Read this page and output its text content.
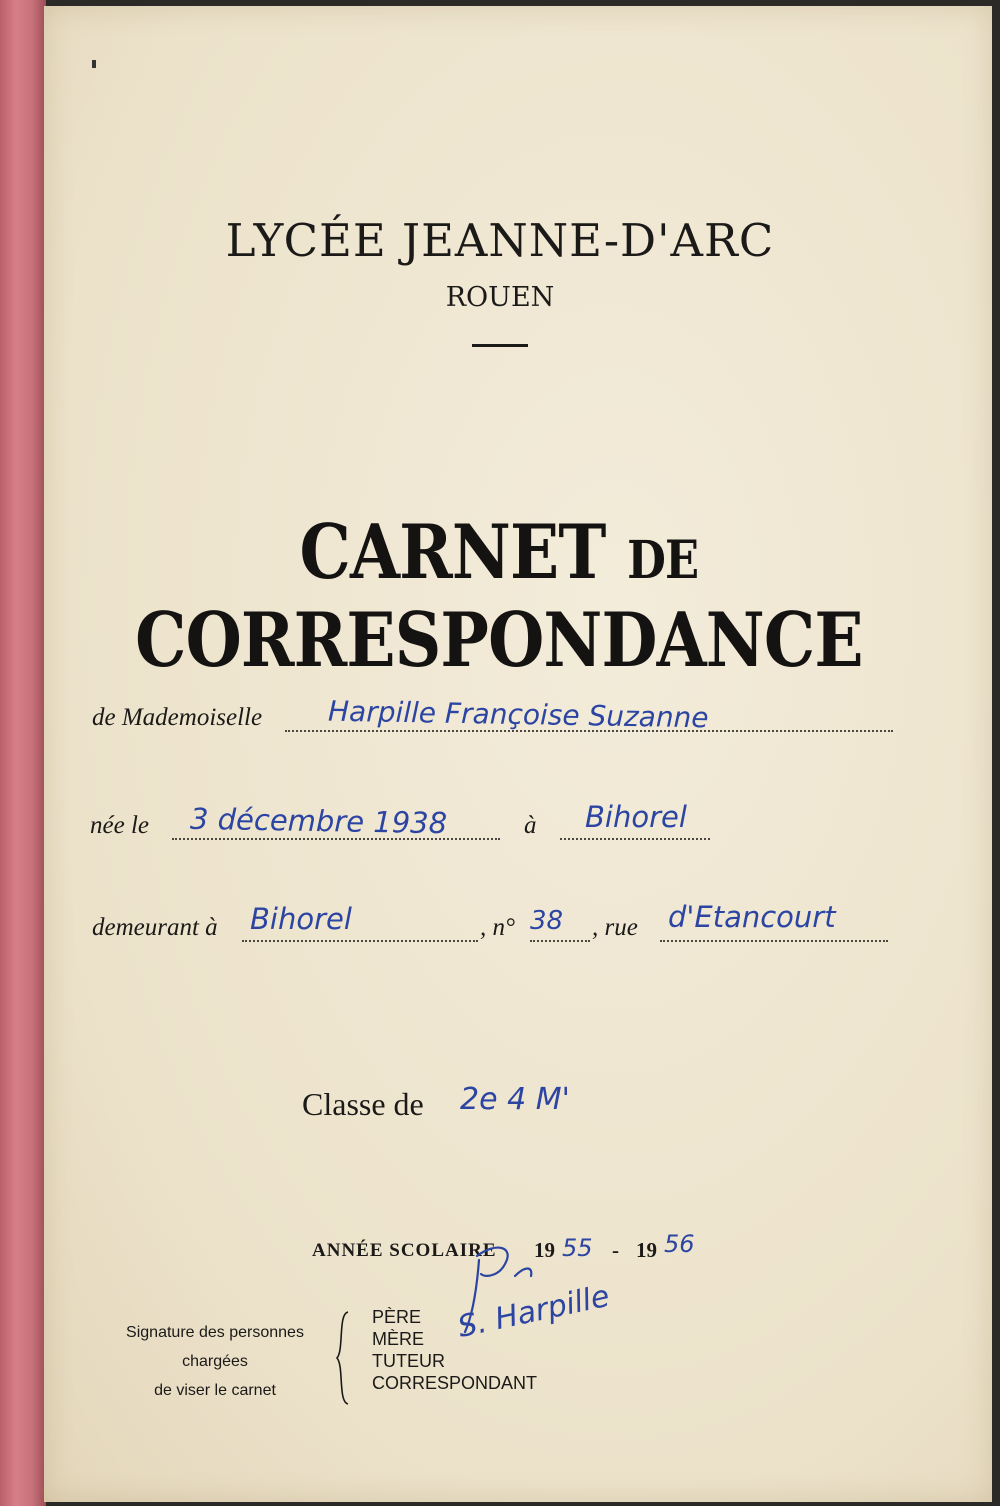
LYCÉE JEANNE-D'ARC
ROUEN
CARNET DE CORRESPONDANCE
de Mademoiselle Harpille Françoise Suzanne
née le 3 décembre 1938	à Bihorel
demeurant à Bihorel	, n° 38 , rue d'Etancourt
Classe de 2e 4 M'
ANNÉE SCOLAIRE 19 55 - 19 56
Signature des personnes
chargées
de viser le carnet
PÈRE
MÈRE
TUTEUR
CORRESPONDANT
S. Harpille
